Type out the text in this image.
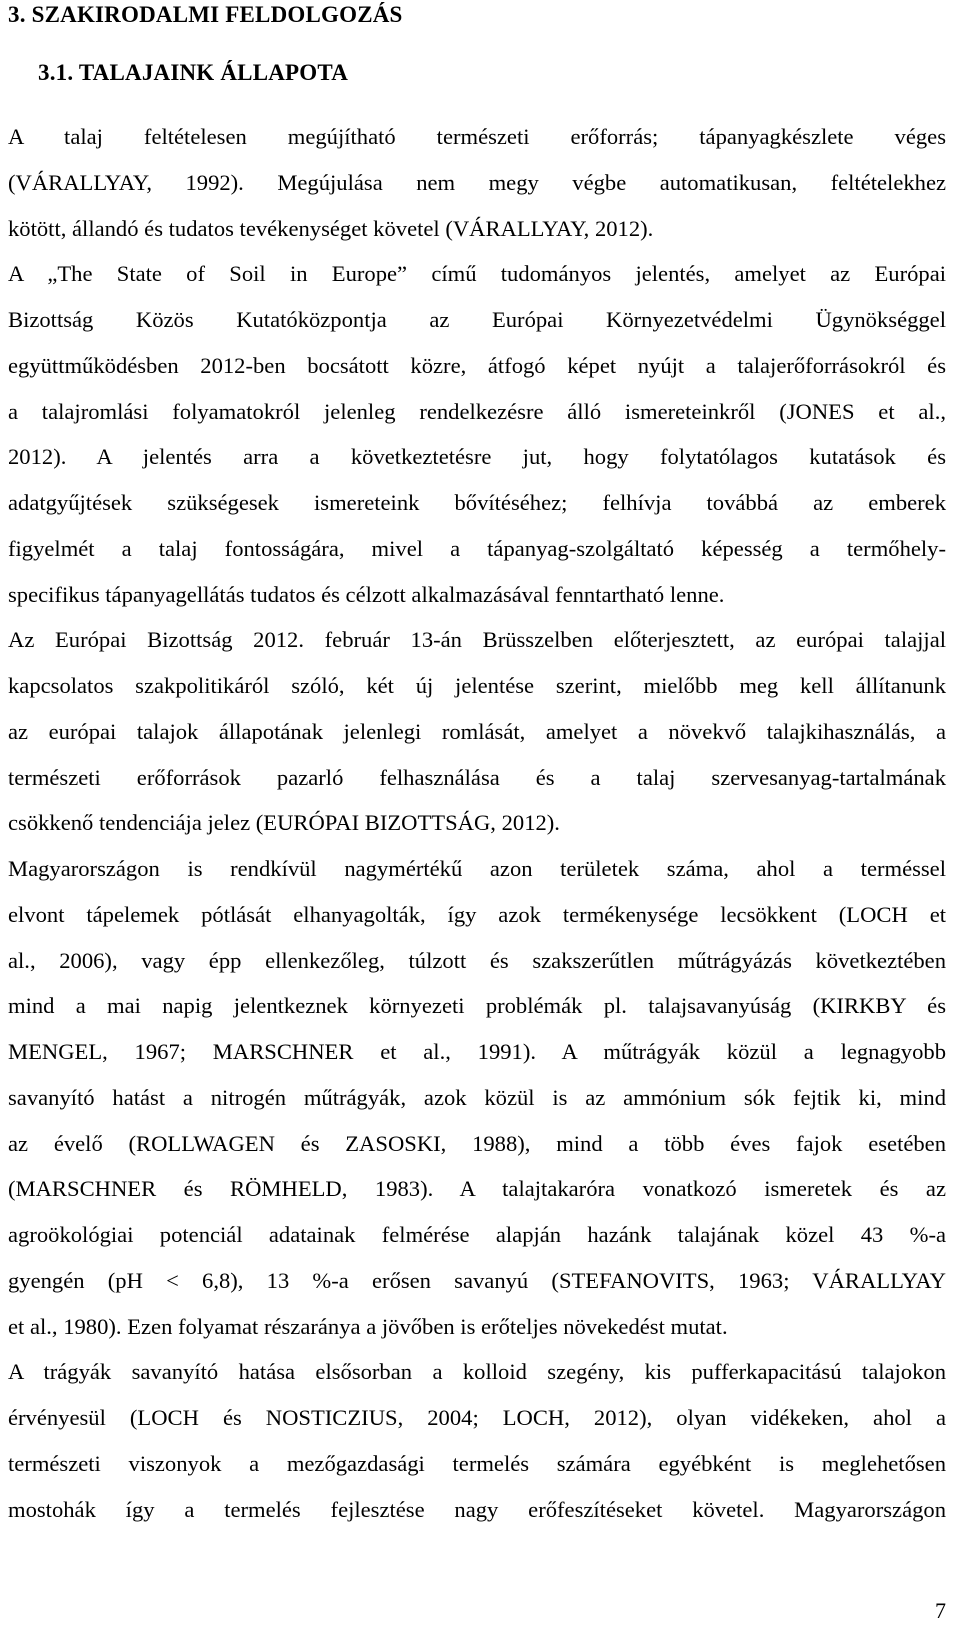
3. SZAKIRODALMI FELDOLGOZÁS
3.1. TALAJAINK ÁLLAPOTA
A talaj feltételesen megújítható természeti erőforrás; tápanyagkészlete véges
(VÁRALLYAY, 1992). Megújulása nem megy végbe automatikusan, feltételekhez
kötött, állandó és tudatos tevékenységet követel (VÁRALLYAY, 2012).
A „The State of Soil in Europe” című tudományos jelentés, amelyet az Európai
Bizottság Közös Kutatóközpontja az Európai Környezetvédelmi Ügynökséggel
együttműködésben 2012-ben bocsátott közre, átfogó képet nyújt a talajerőforrásokról és
a talajromlási folyamatokról jelenleg rendelkezésre álló ismereteinkről (JONES et al.,
2012). A jelentés arra a következtetésre jut, hogy folytatólagos kutatások és
adatgyűjtések szükségesek ismereteink bővítéséhez; felhívja továbbá az emberek
figyelmét a talaj fontosságára, mivel a tápanyag-szolgáltató képesség a termőhely-
specifikus tápanyagellátás tudatos és célzott alkalmazásával fenntartható lenne.
Az Európai Bizottság 2012. február 13-án Brüsszelben előterjesztett, az európai talajjal
kapcsolatos szakpolitikáról szóló, két új jelentése szerint, mielőbb meg kell állítanunk
az európai talajok állapotának jelenlegi romlását, amelyet a növekvő talajkihasználás, a
természeti erőforrások pazarló felhasználása és a talaj szervesanyag-tartalmának
csökkenő tendenciája jelez (EURÓPAI BIZOTTSÁG, 2012).
Magyarországon is rendkívül nagymértékű azon területek száma, ahol a terméssel
elvont tápelemek pótlását elhanyagolták, így azok termékenysége lecsökkent (LOCH et
al., 2006), vagy épp ellenkezőleg, túlzott és szakszerűtlen műtrágyázás következtében
mind a mai napig jelentkeznek környezeti problémák pl. talajsavanyúság (KIRKBY és
MENGEL, 1967; MARSCHNER et al., 1991). A műtrágyák közül a legnagyobb
savanyító hatást a nitrogén műtrágyák, azok közül is az ammónium sók fejtik ki, mind
az évelő (ROLLWAGEN és ZASOSKI, 1988), mind a több éves fajok esetében
(MARSCHNER és RÖMHELD, 1983). A talajtakaróra vonatkozó ismeretek és az
agroökológiai potenciál adatainak felmérése alapján hazánk talajának közel 43 %-a
gyengén (pH < 6,8), 13 %-a erősen savanyú (STEFANOVITS, 1963; VÁRALLYAY
et al., 1980). Ezen folyamat részaránya a jövőben is erőteljes növekedést mutat.
A trágyák savanyító hatása elsősorban a kolloid szegény, kis pufferkapacitású talajokon
érvényesül (LOCH és NOSTICZIUS, 2004; LOCH, 2012), olyan vidékeken, ahol a
természeti viszonyok a mezőgazdasági termelés számára egyébként is meglehetősen
mostohák így a termelés fejlesztése nagy erőfeszítéseket követel. Magyarországon
7
